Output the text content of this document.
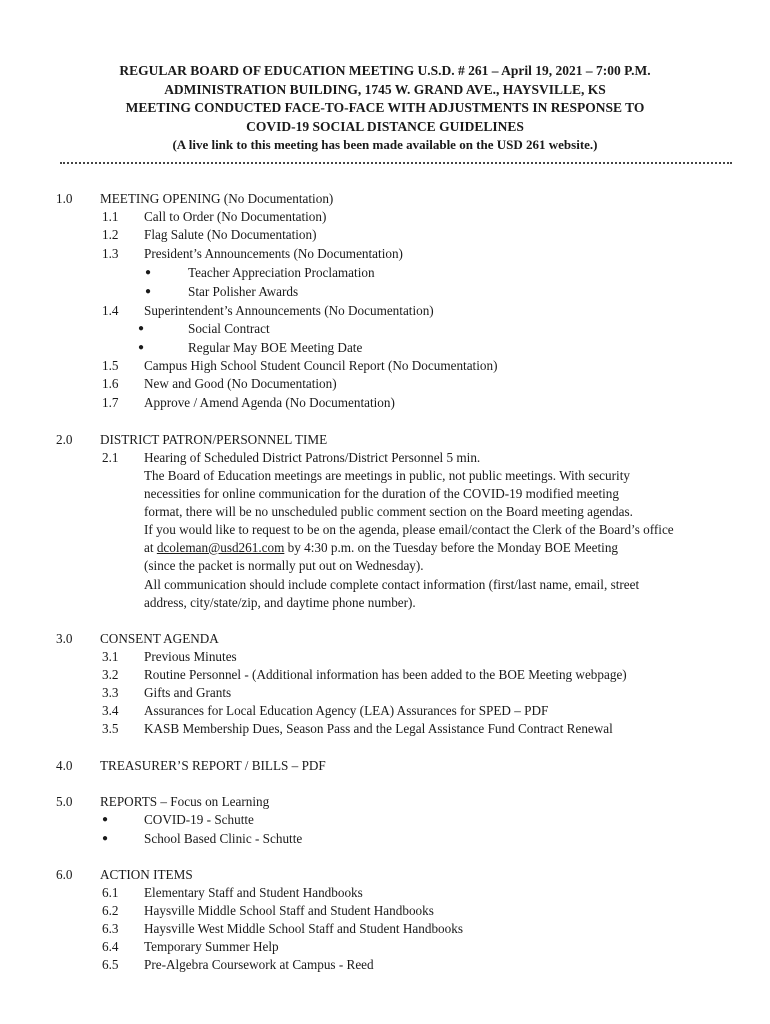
REGULAR BOARD OF EDUCATION MEETING U.S.D. # 261 – April 19, 2021 – 7:00 P.M.
ADMINISTRATION BUILDING, 1745 W. GRAND AVE., HAYSVILLE, KS
MEETING CONDUCTED FACE-TO-FACE WITH ADJUSTMENTS IN RESPONSE TO
COVID-19 SOCIAL DISTANCE GUIDELINES
(A live link to this meeting has been made available on the USD 261 website.)
1.0 MEETING OPENING (No Documentation)
1.1 Call to Order (No Documentation)
1.2 Flag Salute (No Documentation)
1.3 President’s Announcements (No Documentation)
●	Teacher Appreciation Proclamation
●	Star Polisher Awards
1.4 Superintendent’s Announcements (No Documentation)
●	Social Contract
●	Regular May BOE Meeting Date
1.5 Campus High School Student Council Report (No Documentation)
1.6 New and Good (No Documentation)
1.7 Approve / Amend Agenda (No Documentation)
2.0 DISTRICT PATRON/PERSONNEL TIME
2.1 Hearing of Scheduled District Patrons/District Personnel 5 min.
The Board of Education meetings are meetings in public, not public meetings. With security
necessities for online communication for the duration of the COVID-19 modified meeting
format, there will be no unscheduled public comment section on the Board meeting agendas.
If you would like to request to be on the agenda, please email/contact the Clerk of the Board’s office
at dcoleman@usd261.com by 4:30 p.m. on the Tuesday before the Monday BOE Meeting
(since the packet is normally put out on Wednesday).
All communication should include complete contact information (first/last name, email, street
address, city/state/zip, and daytime phone number).
3.0 CONSENT AGENDA
3.1 Previous Minutes
3.2 Routine Personnel - (Additional information has been added to the BOE Meeting webpage)
3.3 Gifts and Grants
3.4 Assurances for Local Education Agency (LEA) Assurances for SPED – PDF
3.5 KASB Membership Dues, Season Pass and the Legal Assistance Fund Contract Renewal
4.0 TREASURER’S REPORT / BILLS – PDF
5.0 REPORTS – Focus on Learning
●	COVID-19 - Schutte
●	School Based Clinic - Schutte
6.0 ACTION ITEMS
6.1 Elementary Staff and Student Handbooks
6.2 Haysville Middle School Staff and Student Handbooks
6.3 Haysville West Middle School Staff and Student Handbooks
6.4 Temporary Summer Help
6.5 Pre-Algebra Coursework at Campus - Reed
